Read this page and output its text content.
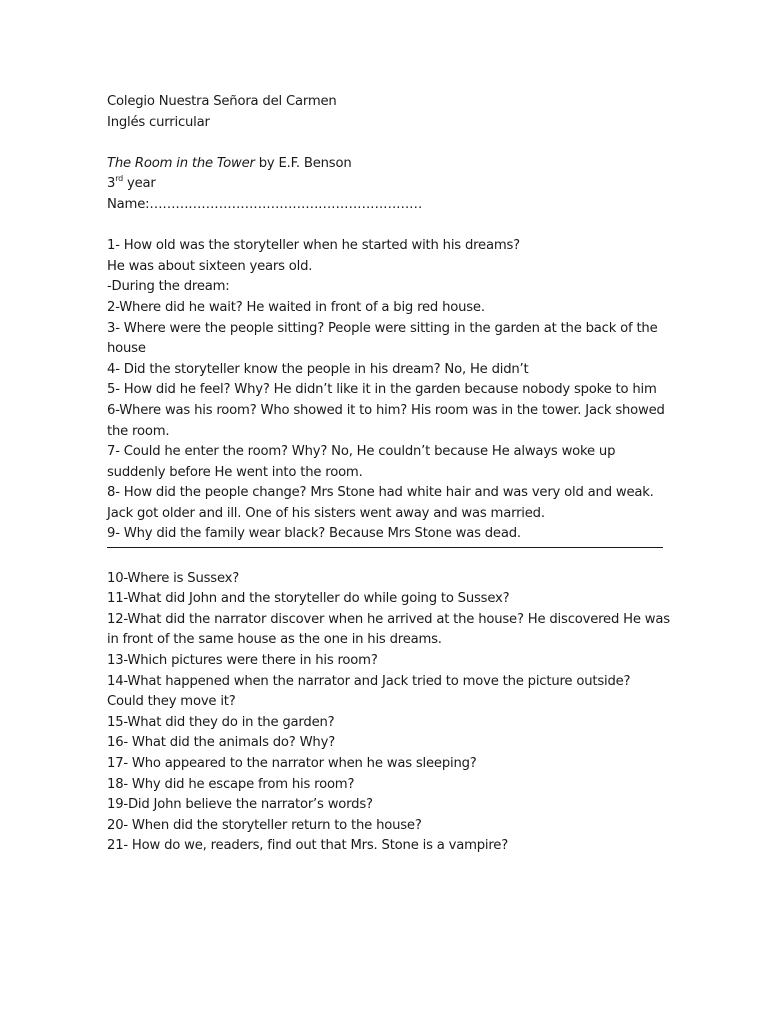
Colegio Nuestra Señora del Carmen
Inglés curricular
The Room in the Tower by E.F. Benson
3rd year
Name:………………………………………………………
1- How old was the storyteller when he started with his dreams?
He was about sixteen years old.
-During the dream:
2-Where did he wait? He waited in front of a big red house.
3- Where were the people sitting? People were sitting in the garden at the back of the
house
4- Did the storyteller know the people in his dream? No, He didn’t
5- How did he feel? Why? He didn’t like it in the garden because nobody spoke to him
6-Where was his room? Who showed it to him? His room was in the tower. Jack showed
the room.
7- Could he enter the room? Why? No, He couldn’t because He always woke up
suddenly before He went into the room.
8- How did the people change? Mrs Stone had white hair and was very old and weak.
Jack got older and ill. One of his sisters went away and was married.
9- Why did the family wear black? Because Mrs Stone was dead.
10-Where is Sussex?
11-What did John and the storyteller do while going to Sussex?
12-What did the narrator discover when he arrived at the house? He discovered He was
in front of the same house as the one in his dreams.
13-Which pictures were there in his room?
14-What happened when the narrator and Jack tried to move the picture outside?
Could they move it?
15-What did they do in the garden?
16- What did the animals do? Why?
17- Who appeared to the narrator when he was sleeping?
18- Why did he escape from his room?
19-Did John believe the narrator’s words?
20- When did the storyteller return to the house?
21- How do we, readers, find out that Mrs. Stone is a vampire?
